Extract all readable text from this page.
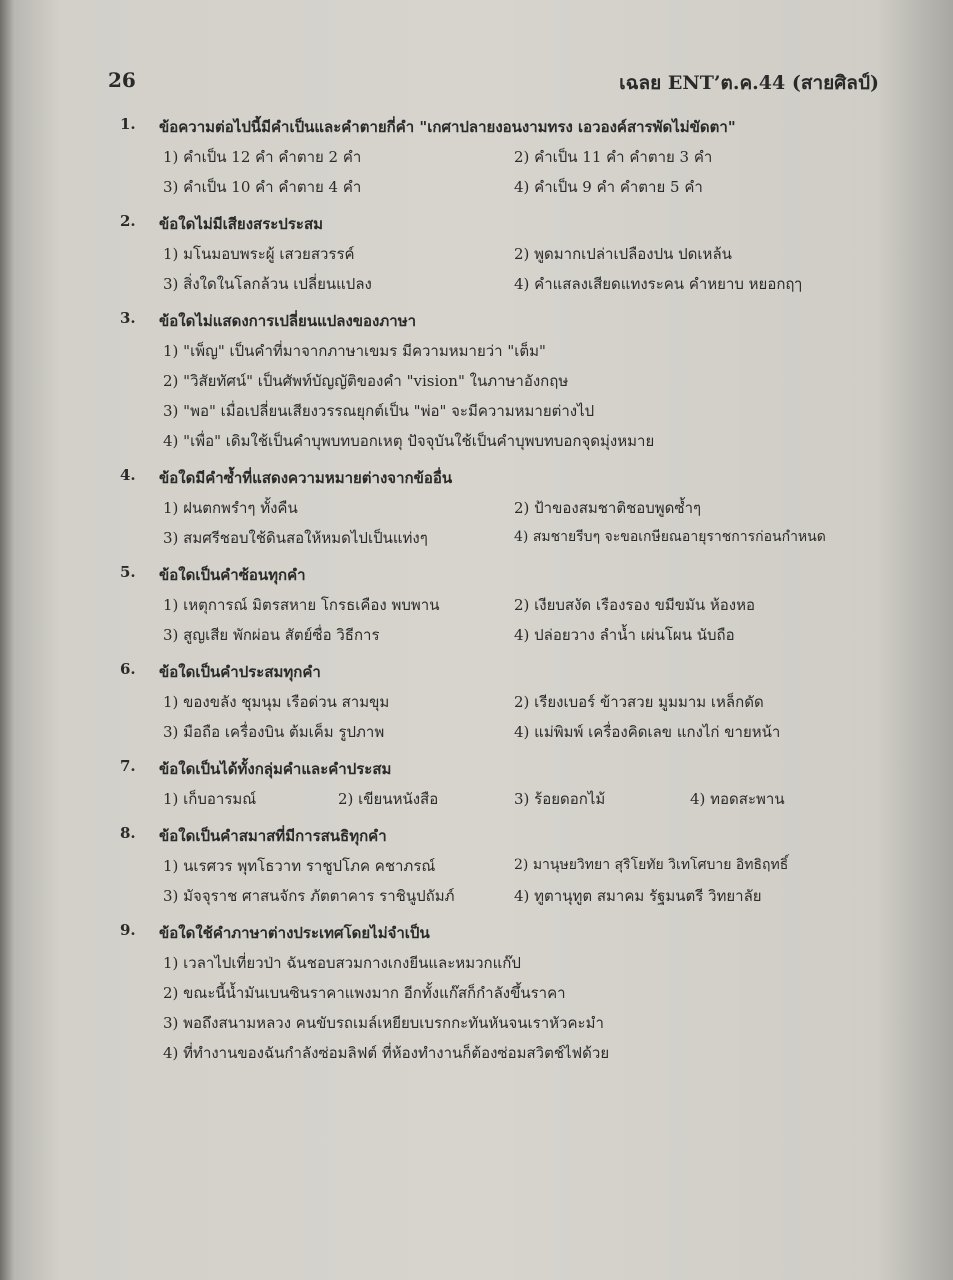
26	เฉลย ENT’ต.ค.44 (สายศิลป์)
1. ข้อความต่อไปนี้มีคำเป็นและคำตายกี่คำ "เกศาปลายงอนงามทรง เอวองค์สารพัดไม่ขัดตา"
1) คำเป็น 12 คำ คำตาย 2 คำ	2) คำเป็น 11 คำ คำตาย 3 คำ
3) คำเป็น 10 คำ คำตาย 4 คำ	4) คำเป็น 9 คำ คำตาย 5 คำ
2. ข้อใดไม่มีเสียงสระประสม
1) มโนมอบพระผู้ เสวยสวรรค์	2) พูดมากเปล่าเปลืองปน ปดเหล้น
3) สิ่งใดในโลกล้วน เปลี่ยนแปลง	4) คำแสลงเสียดแทงระคน คำหยาบ หยอกฤๅ
3. ข้อใดไม่แสดงการเปลี่ยนแปลงของภาษา
1) "เพ็ญ" เป็นคำที่มาจากภาษาเขมร มีความหมายว่า "เต็ม"
2) "วิสัยทัศน์" เป็นศัพท์บัญญัติของคำ "vision" ในภาษาอังกฤษ
3) "พอ" เมื่อเปลี่ยนเสียงวรรณยุกต์เป็น "พ่อ" จะมีความหมายต่างไป
4) "เพื่อ" เดิมใช้เป็นคำบุพบทบอกเหตุ ปัจจุบันใช้เป็นคำบุพบทบอกจุดมุ่งหมาย
4. ข้อใดมีคำซ้ำที่แสดงความหมายต่างจากข้ออื่น
1) ฝนตกพรำๆ ทั้งคืน	2) ป้าของสมชาติชอบพูดซ้ำๆ
3) สมศรีชอบใช้ดินสอให้หมดไปเป็นแท่งๆ	4) สมชายรีบๆ จะขอเกษียณอายุราชการก่อนกำหนด
5. ข้อใดเป็นคำซ้อนทุกคำ
1) เหตุการณ์ มิตรสหาย โกรธเคือง พบพาน	2) เงียบสงัด เรืองรอง ขมีขมัน ห้องหอ
3) สูญเสีย พักผ่อน สัตย์ซื่อ วิธีการ	4) ปล่อยวาง ลำน้ำ เผ่นโผน นับถือ
6. ข้อใดเป็นคำประสมทุกคำ
1) ของขลัง ชุมนุม เรือด่วน สามขุม	2) เรียงเบอร์ ข้าวสวย มูมมาม เหล็กดัด
3) มือถือ เครื่องบิน ต้มเค็ม รูปภาพ	4) แม่พิมพ์ เครื่องคิดเลข แกงไก่ ขายหน้า
7. ข้อใดเป็นได้ทั้งกลุ่มคำและคำประสม
1) เก็บอารมณ์	2) เขียนหนังสือ	3) ร้อยดอกไม้	4) ทอดสะพาน
8. ข้อใดเป็นคำสมาสที่มีการสนธิทุกคำ
1) นเรศวร พุทโธวาท ราชูปโภค คชาภรณ์	2) มานุษยวิทยา สุริโยทัย วิเทโศบาย อิทธิฤทธิ์
3) มัจจุราช ศาสนจักร ภัตตาคาร ราชินูปถัมภ์	4) ทูตานุทูต สมาคม รัฐมนตรี วิทยาลัย
9. ข้อใดใช้คำภาษาต่างประเทศโดยไม่จำเป็น
1) เวลาไปเที่ยวป่า ฉันชอบสวมกางเกงยีนและหมวกแก๊ป
2) ขณะนี้น้ำมันเบนซินราคาแพงมาก อีกทั้งแก๊สก็กำลังขึ้นราคา
3) พอถึงสนามหลวง คนขับรถเมล์เหยียบเบรกกะทันหันจนเราหัวคะมำ
4) ที่ทำงานของฉันกำลังซ่อมลิฟต์ ที่ห้องทำงานก็ต้องซ่อมสวิตช์ไฟด้วย
